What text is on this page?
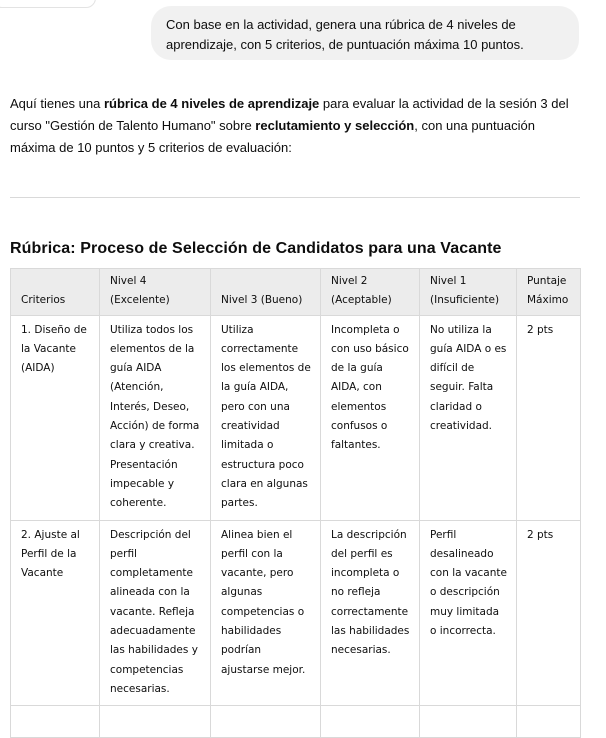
Con base en la actividad, genera una rúbrica de 4 niveles de aprendizaje, con 5 criterios, de puntuación máxima 10 puntos.
Aquí tienes una rúbrica de 4 niveles de aprendizaje para evaluar la actividad de la sesión 3 del curso "Gestión de Talento Humano" sobre reclutamiento y selección, con una puntuación máxima de 10 puntos y 5 criterios de evaluación:
Rúbrica: Proceso de Selección de Candidatos para una Vacante
Criterios	Nivel 4 (Excelente)	Nivel 3 (Bueno)	Nivel 2 (Aceptable)	Nivel 1 (Insuficiente)	Puntaje Máximo
1. Diseño de la Vacante (AIDA)	Utiliza todos los elementos de la guía AIDA (Atención, Interés, Deseo, Acción) de forma clara y creativa. Presentación impecable y coherente.	Utiliza correctamente los elementos de la guía AIDA, pero con una creatividad limitada o estructura poco clara en algunas partes.	Incompleta o con uso básico de la guía AIDA, con elementos confusos o faltantes.	No utiliza la guía AIDA o es difícil de seguir. Falta claridad o creatividad.	2 pts
2. Ajuste al Perfil de la Vacante	Descripción del perfil completamente alineada con la vacante. Refleja adecuadamente las habilidades y competencias necesarias.	Alinea bien el perfil con la vacante, pero algunas competencias o habilidades podrían ajustarse mejor.	La descripción del perfil es incompleta o no refleja correctamente las habilidades necesarias.	Perfil desalineado con la vacante o descripción muy limitada o incorrecta.	2 pts
